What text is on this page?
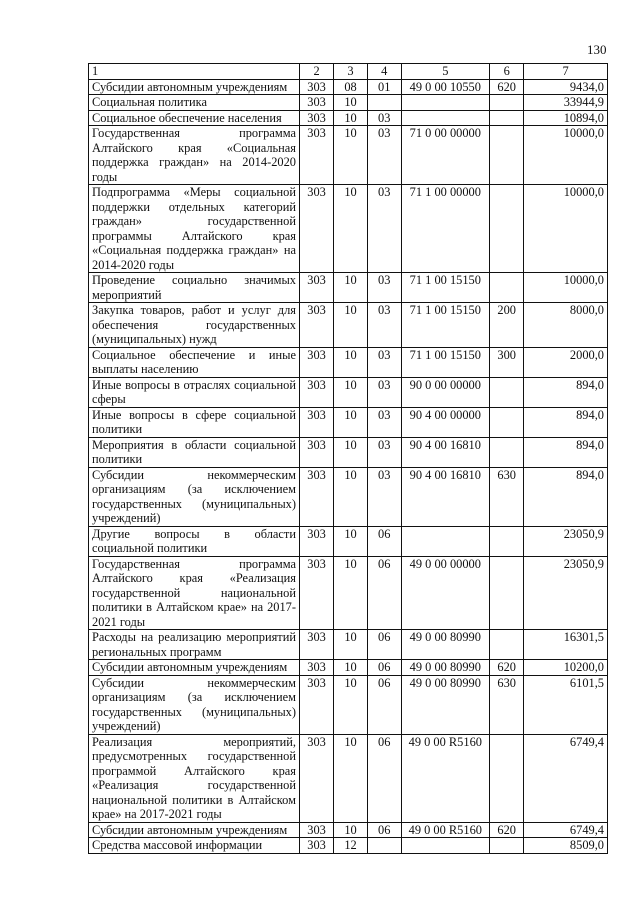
130
1	2	3	4	5	6	7
Субсидии автономным учреждениям	303	08	01	49 0 00 10550	620	9434,0
Социальная политика	303	10				33944,9
Социальное обеспечение населения	303	10	03			10894,0
Государственная программа Алтайского края «Социальная поддержка граждан» на 2014-2020 годы	303	10	03	71 0 00 00000		10000,0
Подпрограмма «Меры социальной поддержки отдельных категорий граждан» государственной программы Алтайского края «Социальная поддержка граждан» на 2014-2020 годы	303	10	03	71 1 00 00000		10000,0
Проведение социально значимых мероприятий	303	10	03	71 1 00 15150		10000,0
Закупка товаров, работ и услуг для обеспечения государственных (муниципальных) нужд	303	10	03	71 1 00 15150	200	8000,0
Социальное обеспечение и иные выплаты населению	303	10	03	71 1 00 15150	300	2000,0
Иные вопросы в отраслях социальной сферы	303	10	03	90 0 00 00000		894,0
Иные вопросы в сфере социальной политики	303	10	03	90 4 00 00000		894,0
Мероприятия в области социальной политики	303	10	03	90 4 00 16810		894,0
Субсидии некоммерческим организациям (за исключением государственных (муниципальных) учреждений)	303	10	03	90 4 00 16810	630	894,0
Другие вопросы в области социальной политики	303	10	06			23050,9
Государственная программа Алтайского края «Реализация государственной национальной политики в Алтайском крае» на 2017-2021 годы	303	10	06	49 0 00 00000		23050,9
Расходы на реализацию мероприятий региональных программ	303	10	06	49 0 00 80990		16301,5
Субсидии автономным учреждениям	303	10	06	49 0 00 80990	620	10200,0
Субсидии некоммерческим организациям (за исключением государственных (муниципальных) учреждений)	303	10	06	49 0 00 80990	630	6101,5
Реализация мероприятий, предусмотренных государственной программой Алтайского края «Реализация государственной национальной политики в Алтайском крае» на 2017-2021 годы	303	10	06	49 0 00 R5160		6749,4
Субсидии автономным учреждениям	303	10	06	49 0 00 R5160	620	6749,4
Средства массовой информации	303	12				8509,0
